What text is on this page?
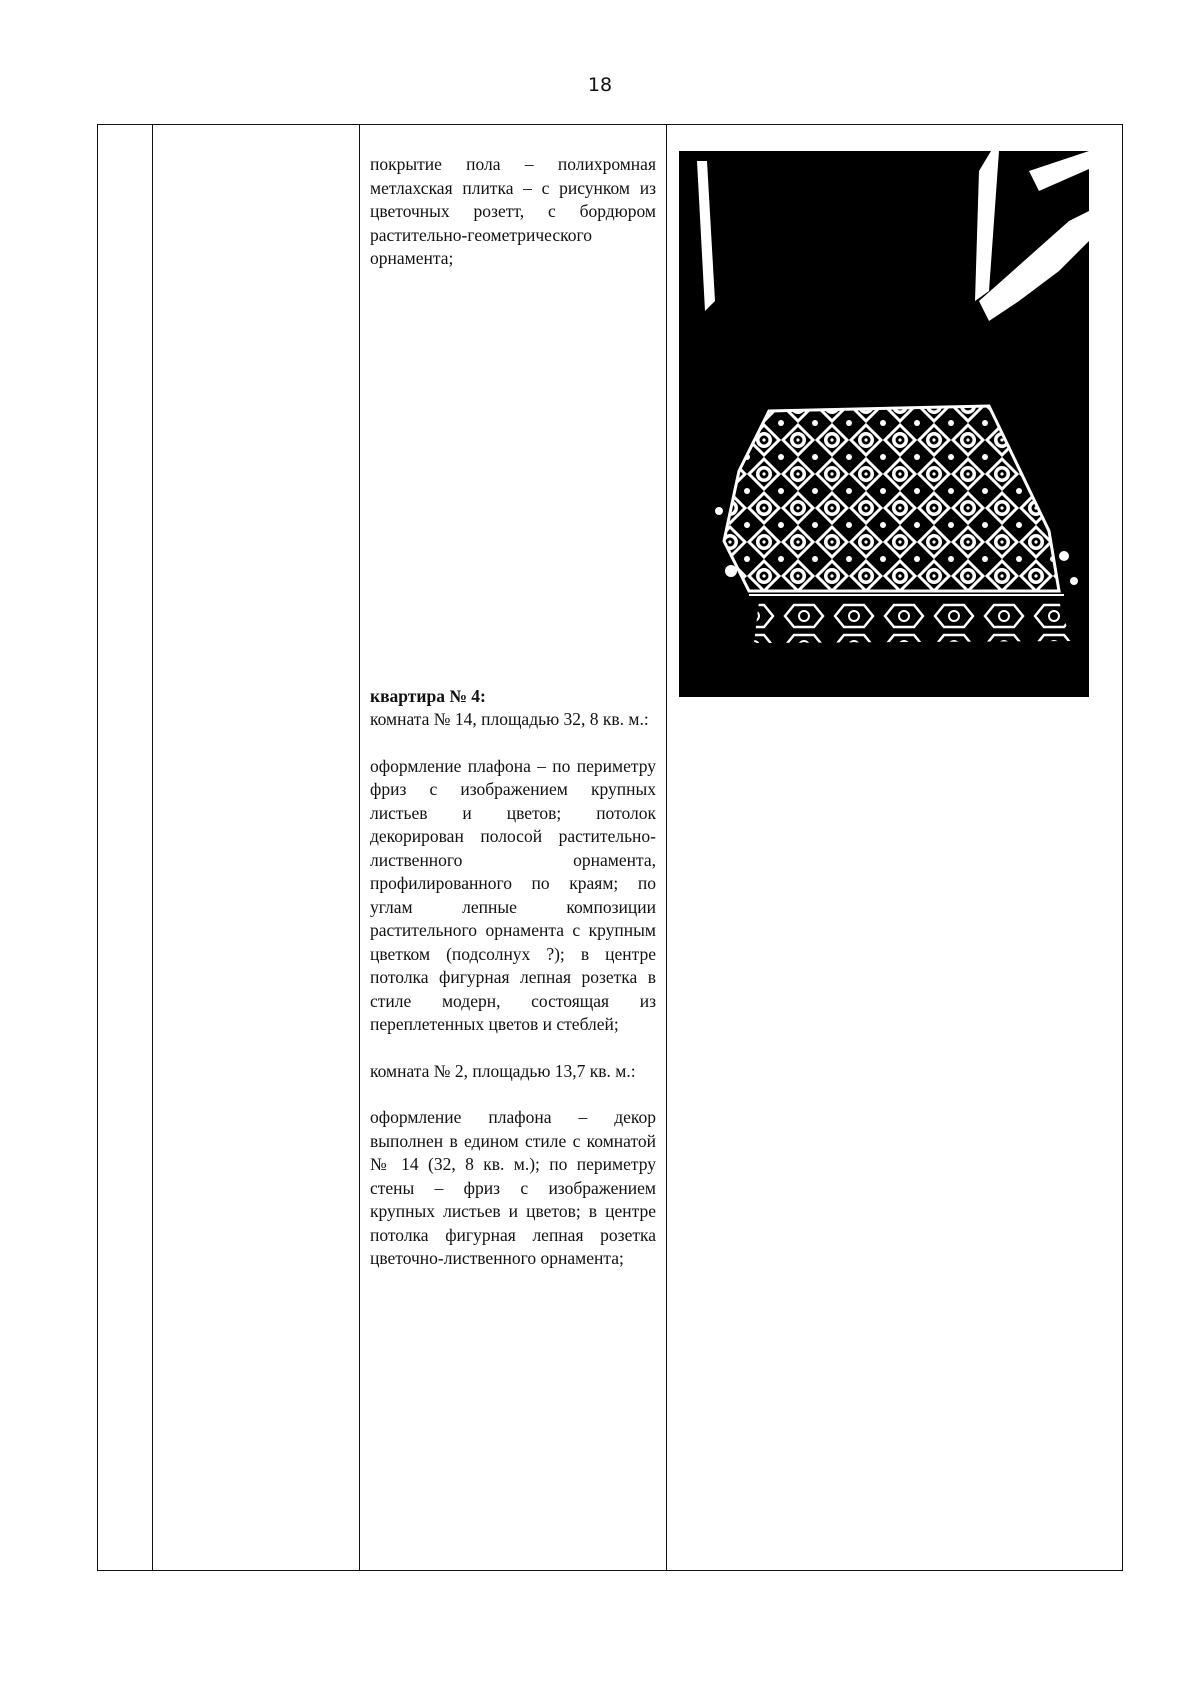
18

покрытие пола – полихромная метлахская плитка – с рисунком из цветочных розетт, с бордюром растительно-геометрического орнамента;

квартира № 4:

комната № 14, площадью 32, 8 кв. м.:

оформление плафона – по периметру фриз с изображением крупных листьев и цветов; потолок декорирован полосой растительно-лиственного орнамента, профилированного по краям; по углам лепные композиции растительного орнамента с крупным цветком (подсолнух ?); в центре потолка фигурная лепная розетка в стиле модерн, состоящая из переплетенных цветов и стеблей;

комната № 2, площадью 13,7 кв. м.:

оформление плафона – декор выполнен в едином стиле с комнатой № 14 (32, 8 кв. м.); по периметру стены – фриз с изображением крупных листьев и цветов; в центре потолка фигурная лепная розетка цветочно-лиственного орнамента;
